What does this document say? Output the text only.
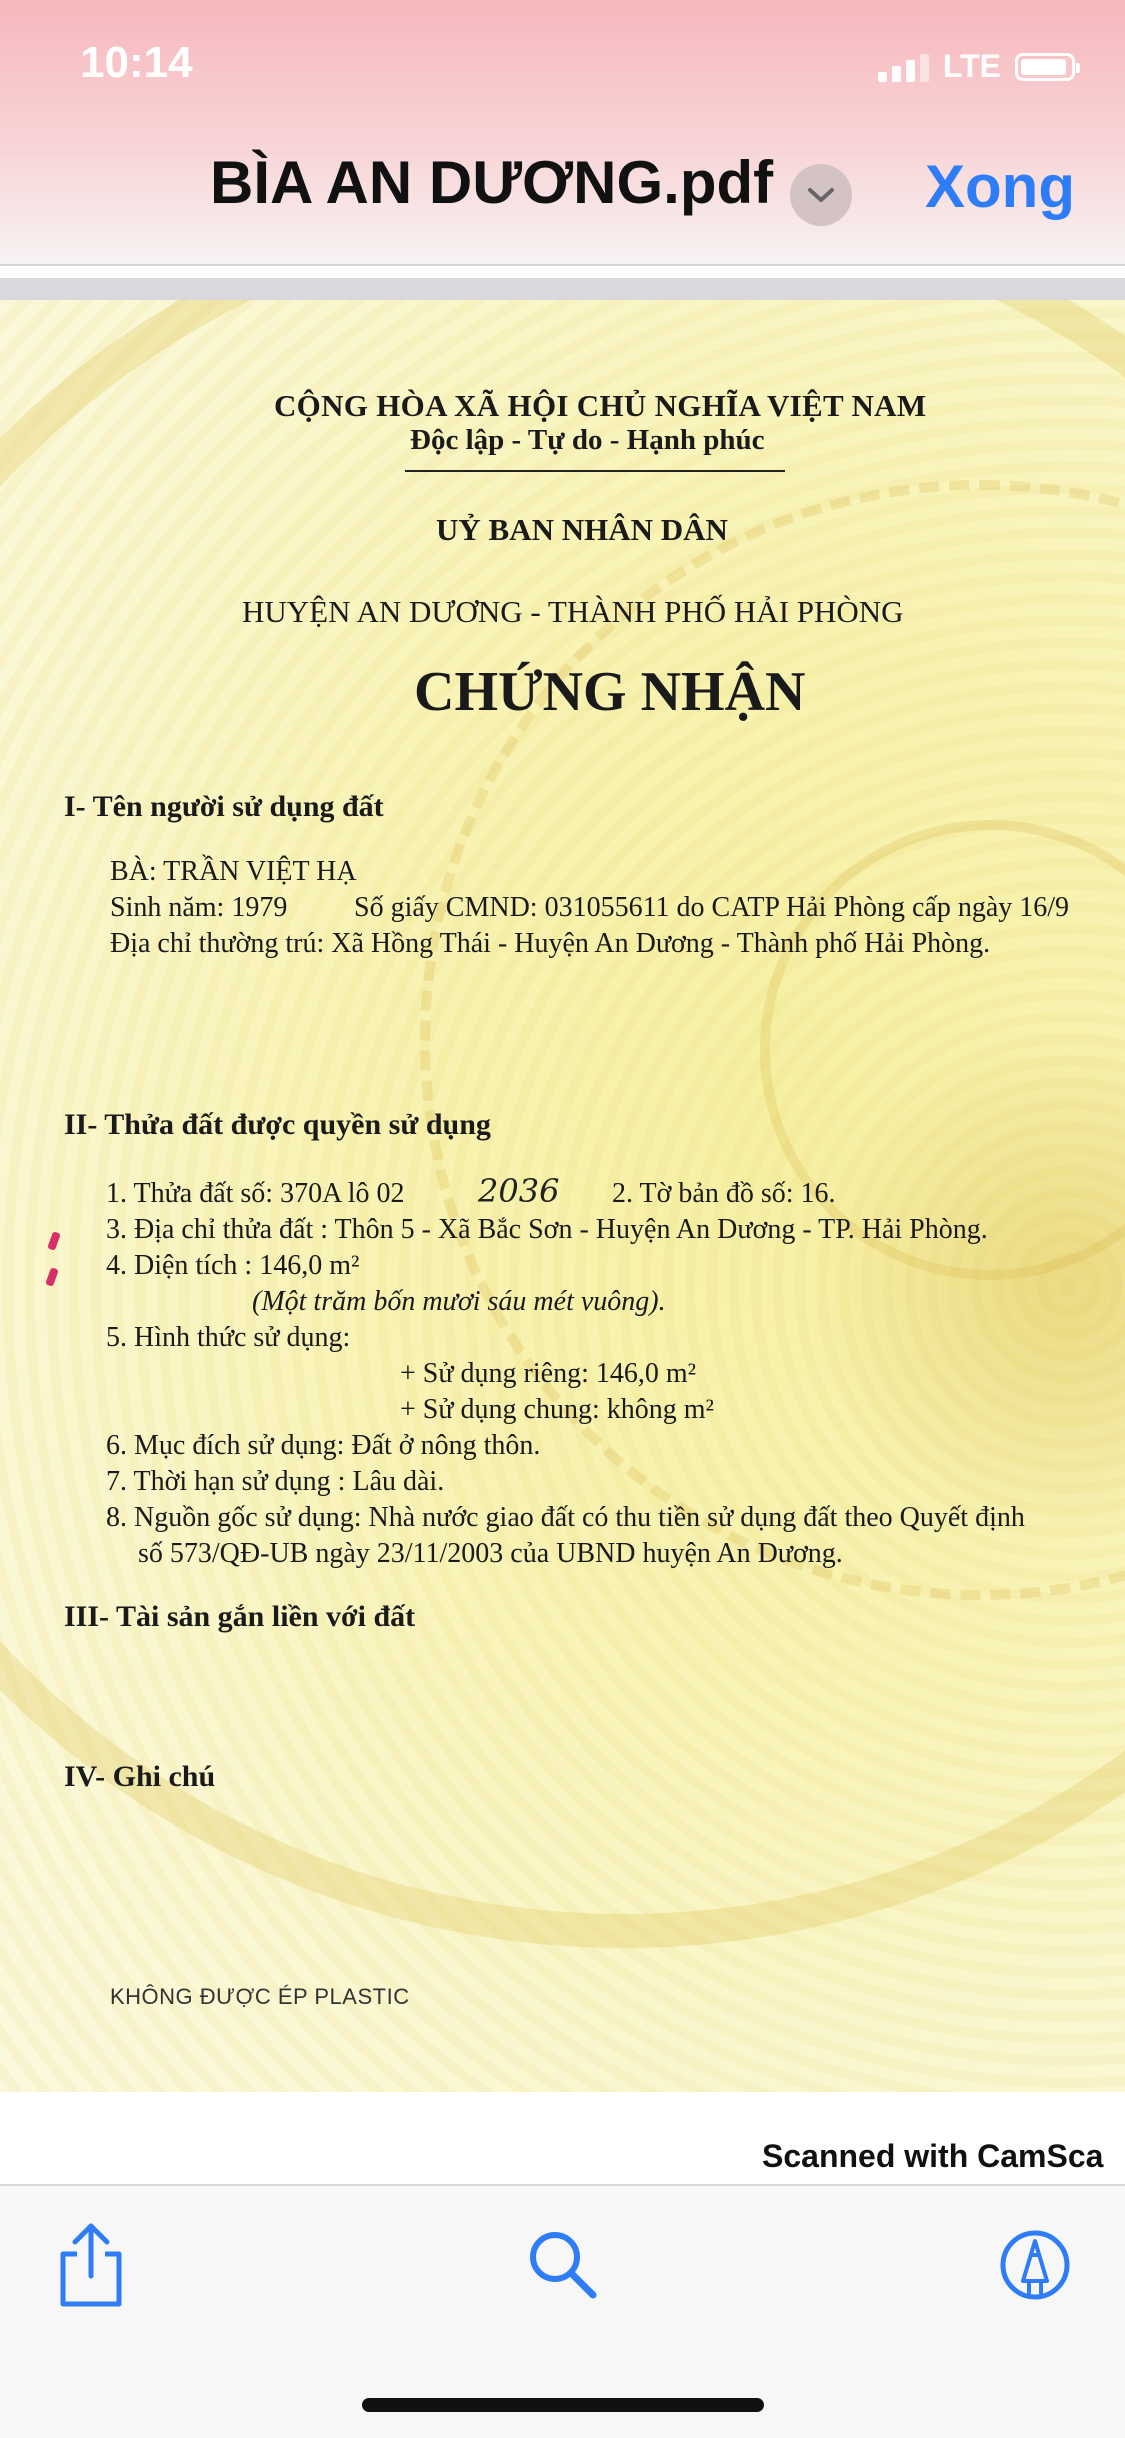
10:14	LTE
BÌA AN DƯƠNG.pdf	Xong
CỘNG HÒA XÃ HỘI CHỦ NGHĨA VIỆT NAM
Độc lập - Tự do - Hạnh phúc
UỶ BAN NHÂN DÂN
HUYỆN AN DƯƠNG - THÀNH PHỐ HẢI PHÒNG
CHỨNG NHẬN
I- Tên người sử dụng đất
BÀ: TRẦN VIỆT HẠ
Sinh năm: 1979 Số giấy CMND: 031055611 do CATP Hải Phòng cấp ngày 16/9
Địa chỉ thường trú: Xã Hồng Thái - Huyện An Dương - Thành phố Hải Phòng.
II- Thửa đất được quyền sử dụng
1. Thửa đất số: 370A lô 02 2036 2. Tờ bản đồ số: 16.
3. Địa chỉ thửa đất : Thôn 5 - Xã Bắc Sơn - Huyện An Dương - TP. Hải Phòng.
4. Diện tích : 146,0 m²
(Một trăm bốn mươi sáu mét vuông).
5. Hình thức sử dụng:
+ Sử dụng riêng: 146,0 m²
+ Sử dụng chung: không m²
6. Mục đích sử dụng: Đất ở nông thôn.
7. Thời hạn sử dụng : Lâu dài.
8. Nguồn gốc sử dụng: Nhà nước giao đất có thu tiền sử dụng đất theo Quyết định
số 573/QĐ-UB ngày 23/11/2003 của UBND huyện An Dương.
III- Tài sản gắn liền với đất
IV- Ghi chú
KHÔNG ĐƯỢC ÉP PLASTIC
Scanned with CamSca
